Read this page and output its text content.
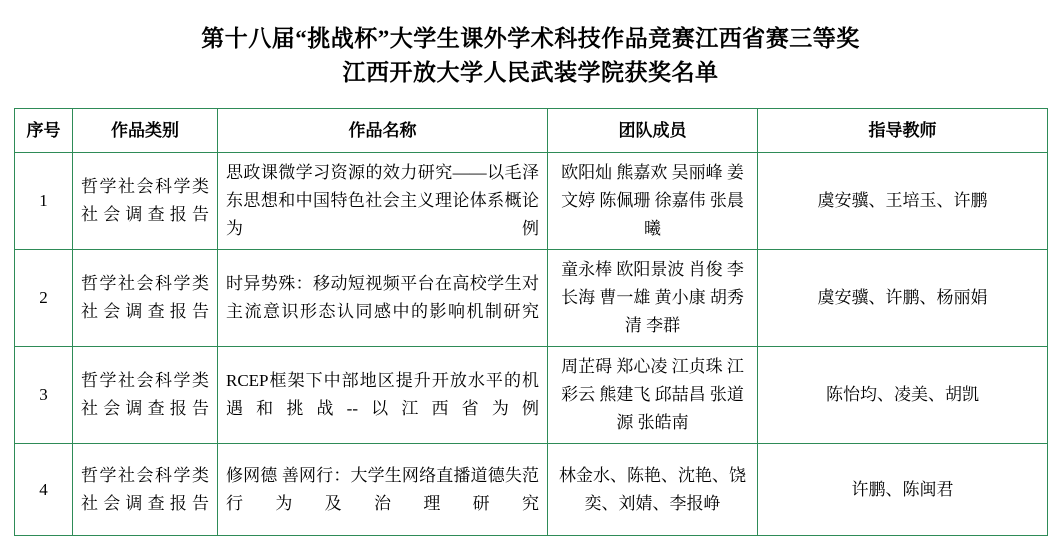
第十八届“挑战杯”大学生课外学术科技作品竞赛江西省赛三等奖
江西开放大学人民武装学院获奖名单
序号	作品类别	作品名称	团队成员	指导教师
1	哲学社会科学类社会调查报告	思政课微学习资源的效力研究——以毛泽东思想和中国特色社会主义理论体系概论为例	欧阳灿 熊嘉欢 吴丽峰 姜文婷 陈佩珊 徐嘉伟 张晨曦	虞安骥、王培玉、许鹏
2	哲学社会科学类社会调查报告	时异势殊：移动短视频平台在高校学生对主流意识形态认同感中的影响机制研究	童永棒 欧阳景波 肖俊 李长海 曹一雄 黄小康 胡秀清 李群	虞安骥、许鹏、杨丽娟
3	哲学社会科学类社会调查报告	RCEP框架下中部地区提升开放水平的机遇和挑战--以江西省为例	周芷碍 郑心凌 江贞珠 江彩云 熊建飞 邱喆昌 张道源 张皓南	陈怡均、凌美、胡凯
4	哲学社会科学类社会调查报告	修网德 善网行：大学生网络直播道德失范行为及治理研究	林金水、陈艳、沈艳、饶奕、刘婧、李报峥	许鹏、陈闽君
